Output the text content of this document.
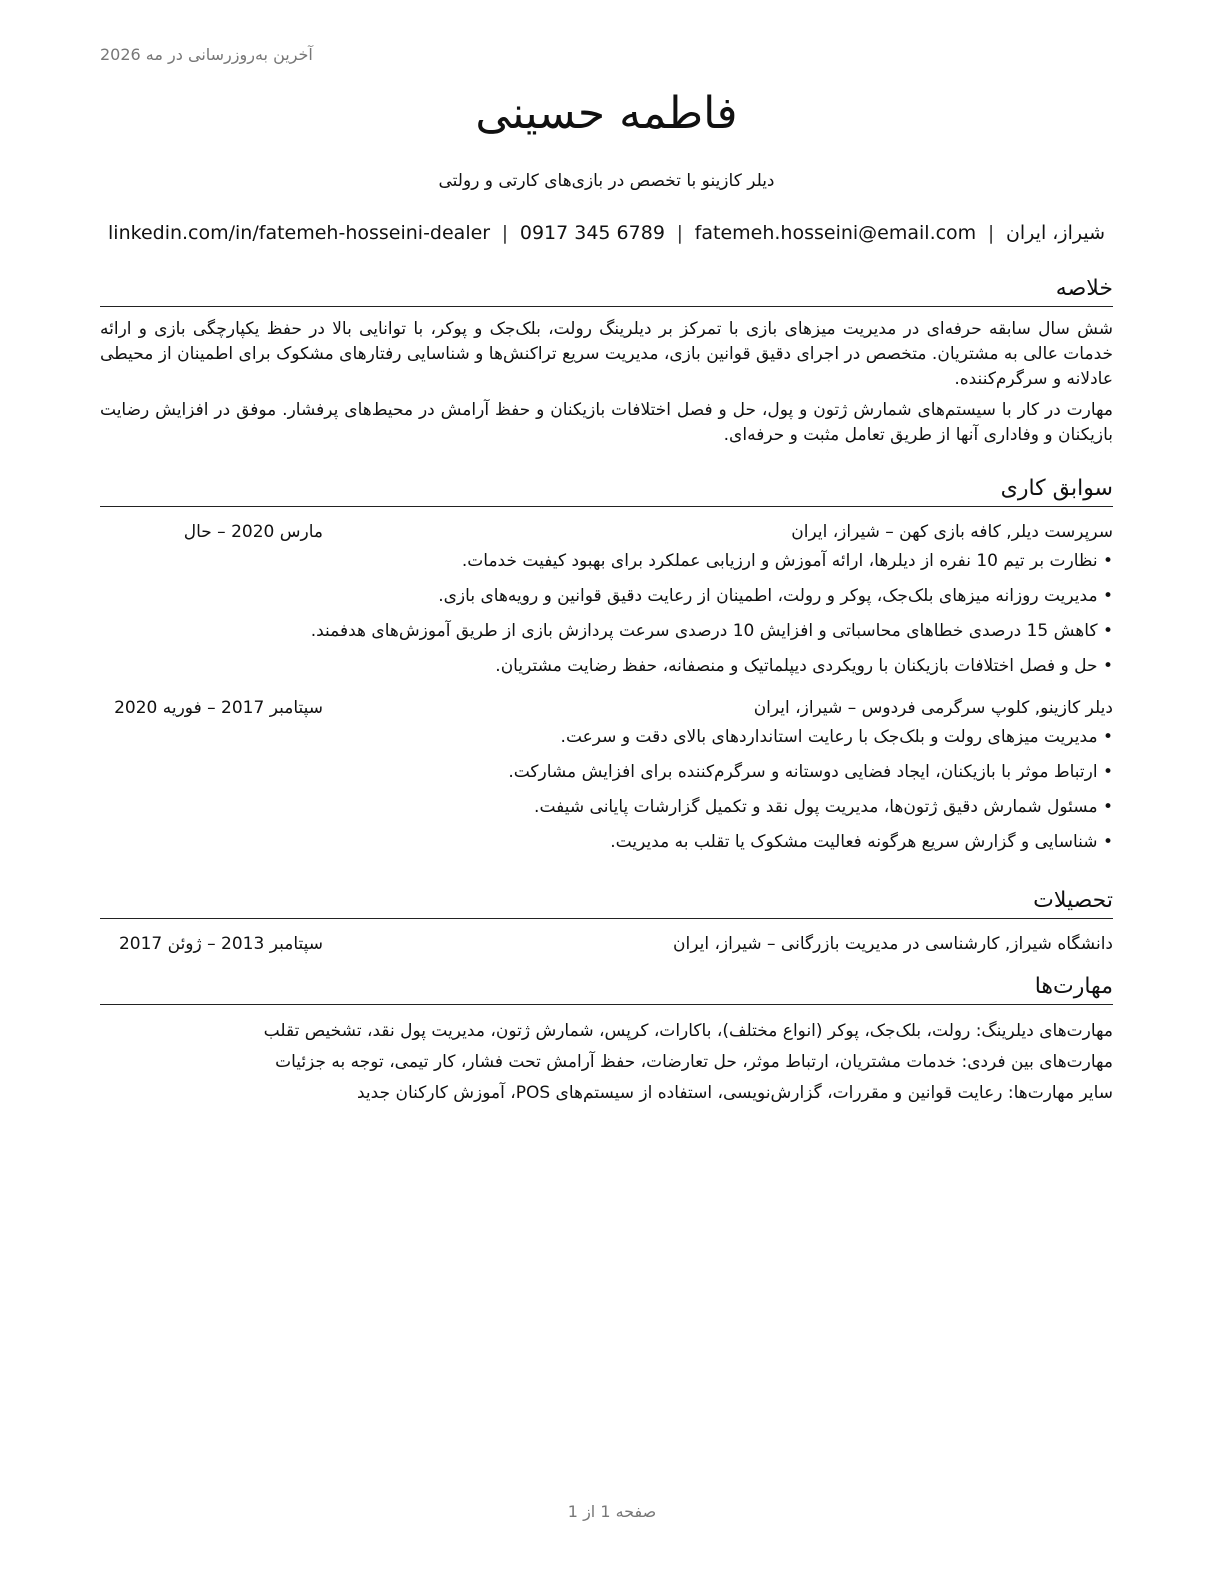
آخرین به‌روزرسانی در مه 2026
فاطمه حسینی
دیلر کازینو با تخصص در بازی‌های کارتی و رولتی
شیراز، ایران
|
fatemeh.hosseini@email.com
|
0917 345 6789
|
linkedin.com/in/fatemeh-hosseini-dealer
خلاصه

شش سال سابقه حرفه‌ای در مدیریت میزهای بازی با تمرکز بر دیلرینگ رولت، بلک‌جک و پوکر، با توانایی بالا در حفظ یکپارچگی بازی و ارائه خدمات عالی به مشتریان. متخصص در اجرای دقیق قوانین بازی، مدیریت سریع تراکنش‌ها و شناسایی رفتارهای مشکوک برای اطمینان از محیطی عادلانه و سرگرم‌کننده.

مهارت در کار با سیستم‌های شمارش ژتون و پول، حل و فصل اختلافات بازیکنان و حفظ آرامش در محیط‌های پرفشار. موفق در افزایش رضایت بازیکنان و وفاداری آنها از طریق تعامل مثبت و حرفه‌ای.

سوابق کاری
سرپرست دیلر, کافه بازی کهن – شیراز، ایران
مارس 2020 – حال
• نظارت بر تیم 10 نفره از دیلرها، ارائه آموزش و ارزیابی عملکرد برای بهبود کیفیت خدمات.
• مدیریت روزانه میزهای بلک‌جک، پوکر و رولت، اطمینان از رعایت دقیق قوانین و رویه‌های بازی.
• کاهش 15 درصدی خطاهای محاسباتی و افزایش 10 درصدی سرعت پردازش بازی از طریق آموزش‌های هدفمند.
• حل و فصل اختلافات بازیکنان با رویکردی دیپلماتیک و منصفانه، حفظ رضایت مشتریان.
دیلر کازینو, کلوپ سرگرمی فردوس – شیراز، ایران
سپتامبر 2017 – فوریه 2020
• مدیریت میزهای رولت و بلک‌جک با رعایت استانداردهای بالای دقت و سرعت.
• ارتباط موثر با بازیکنان، ایجاد فضایی دوستانه و سرگرم‌کننده برای افزایش مشارکت.
• مسئول شمارش دقیق ژتون‌ها، مدیریت پول نقد و تکمیل گزارشات پایانی شیفت.
• شناسایی و گزارش سریع هرگونه فعالیت مشکوک یا تقلب به مدیریت.
تحصیلات
دانشگاه شیراز, کارشناسی در مدیریت بازرگانی – شیراز، ایران
سپتامبر 2013 – ژوئن 2017
مهارت‌ها
مهارت‌های دیلرینگ: رولت، بلک‌جک، پوکر (انواع مختلف)، باکارات، کرپس، شمارش ژتون، مدیریت پول نقد، تشخیص تقلب
مهارت‌های بین فردی: خدمات مشتریان، ارتباط موثر، حل تعارضات، حفظ آرامش تحت فشار، کار تیمی، توجه به جزئیات
سایر مهارت‌ها: رعایت قوانین و مقررات، گزارش‌نویسی، استفاده از سیستم‌های POS، آموزش کارکنان جدید
صفحه 1 از 1
